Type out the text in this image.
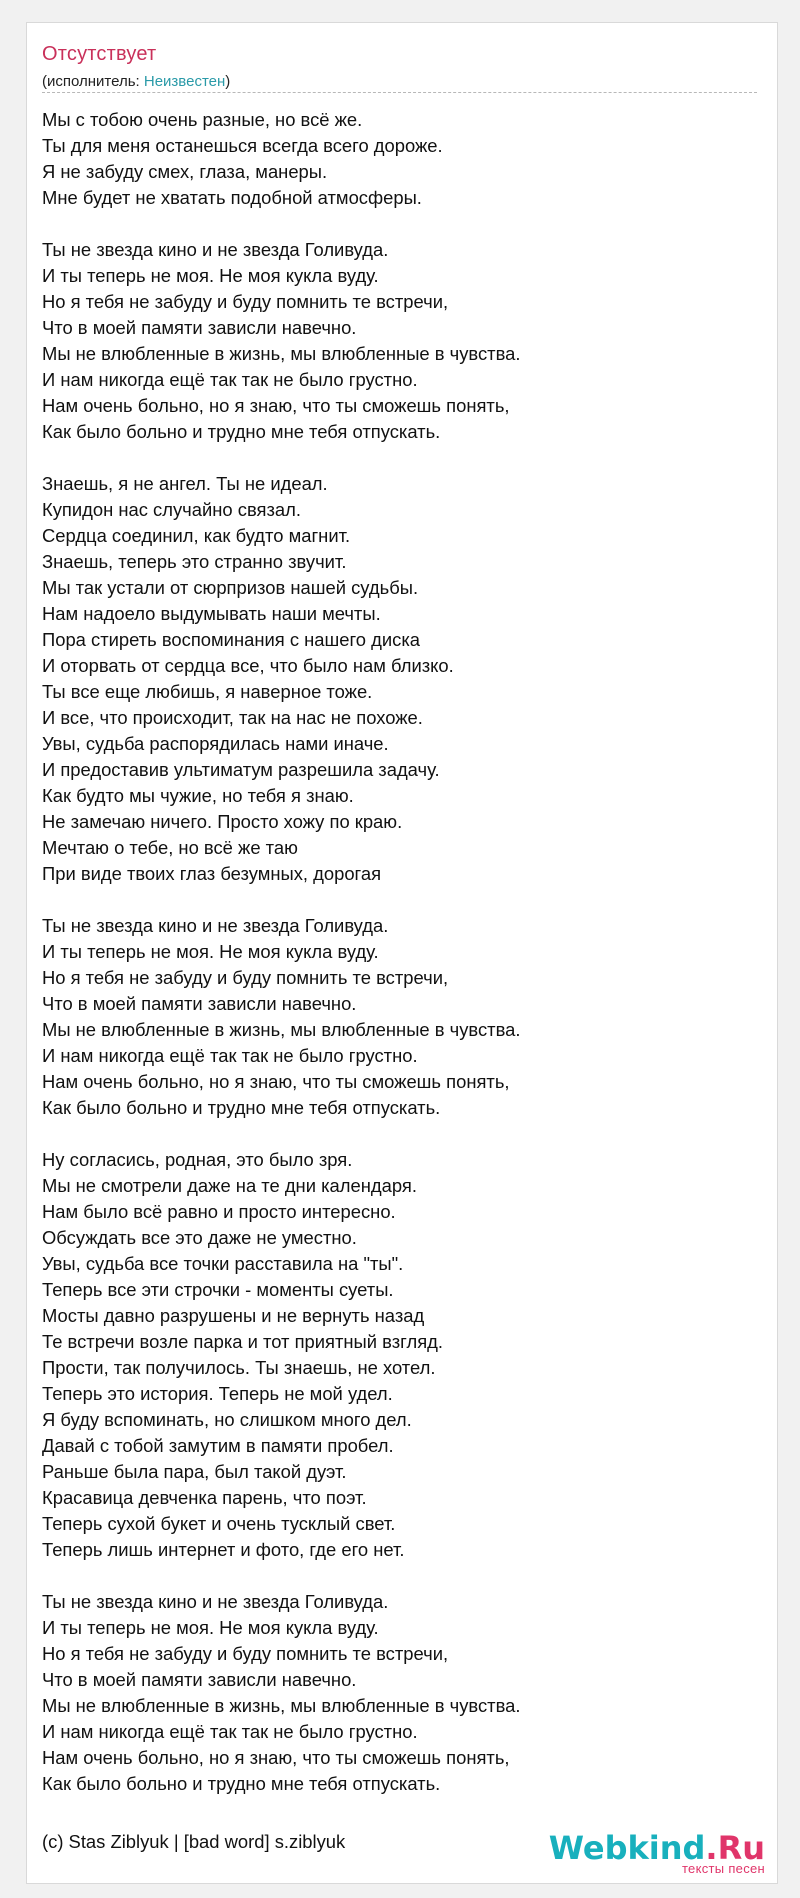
Отсутствует
(исполнитель: Неизвестен)
Мы с тобою очень разные, но всё же.
Ты для меня останешься всегда всего дороже.
Я не забуду смех, глаза, манеры.
Мне будет не хватать подобной атмосферы.
Ты не звезда кино и не звезда Голивуда.
И ты теперь не моя. Не моя кукла вуду.
Но я тебя не забуду и буду помнить те встречи,
Что в моей памяти зависли навечно.
Мы не влюбленные в жизнь, мы влюбленные в чувства.
И нам никогда ещё так так не было грустно.
Нам очень больно, но я знаю, что ты сможешь понять,
Как было больно и трудно мне тебя отпускать.
Знаешь, я не ангел. Ты не идеал.
Купидон нас случайно связал.
Сердца соединил, как будто магнит.
Знаешь, теперь это странно звучит.
Мы так устали от сюрпризов нашей судьбы.
Нам надоело выдумывать наши мечты.
Пора стиреть воспоминания с нашего диска
И оторвать от сердца все, что было нам близко.
Ты все еще любишь, я наверное тоже.
И все, что происходит, так на нас не похоже.
Увы, судьба распорядилась нами иначе.
И предоставив ультиматум разрешила задачу.
Как будто мы чужие, но тебя я знаю.
Не замечаю ничего. Просто хожу по краю.
Мечтаю о тебе, но всё же таю
При виде твоих глаз безумных, дорогая
Ты не звезда кино и не звезда Голивуда.
И ты теперь не моя. Не моя кукла вуду.
Но я тебя не забуду и буду помнить те встречи,
Что в моей памяти зависли навечно.
Мы не влюбленные в жизнь, мы влюбленные в чувства.
И нам никогда ещё так так не было грустно.
Нам очень больно, но я знаю, что ты сможешь понять,
Как было больно и трудно мне тебя отпускать.
Ну согласись, родная, это было зря.
Мы не смотрели даже на те дни календаря.
Нам было всё равно и просто интересно.
Обсуждать все это даже не уместно.
Увы, судьба все точки расставила на "ты".
Теперь все эти строчки - моменты суеты.
Мосты давно разрушены и не вернуть назад
Те встречи возле парка и тот приятный взгляд.
Прости, так получилось. Ты знаешь, не хотел.
Теперь это история. Теперь не мой удел.
Я буду вспоминать, но слишком много дел.
Давай с тобой замутим в памяти пробел.
Раньше была пара, был такой дуэт.
Красавица девченка парень, что поэт.
Теперь сухой букет и очень тусклый свет.
Теперь лишь интернет и фото, где его нет.
Ты не звезда кино и не звезда Голивуда.
И ты теперь не моя. Не моя кукла вуду.
Но я тебя не забуду и буду помнить те встречи,
Что в моей памяти зависли навечно.
Мы не влюбленные в жизнь, мы влюбленные в чувства.
И нам никогда ещё так так не было грустно.
Нам очень больно, но я знаю, что ты сможешь понять,
Как было больно и трудно мне тебя отпускать.
(c) Stas Ziblyuk | [bad word] s.ziblyuk	Webkind.Ru
тексты песен
